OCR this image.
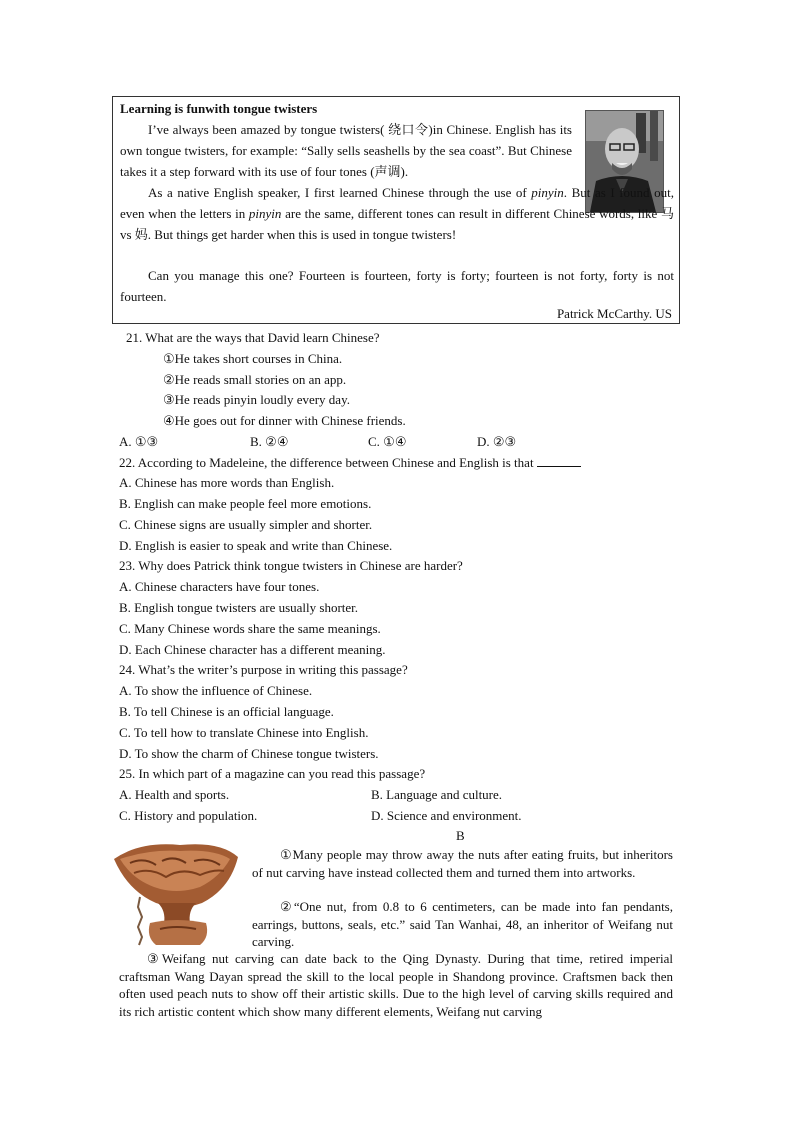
Learning is funwith tongue twisters
I’ve always been amazed by tongue twisters( 绕口令)in Chinese. English has its own tongue twisters, for example: “Sally sells seashells by the sea coast”. But Chinese takes it a step forward with its use of four tones (声调).
As a native English speaker, I first learned Chinese through the use of pinyin. But as I found out, even when the letters in pinyin are the same, different tones can result in different Chinese words, like 马 vs 妈. But things get harder when this is used in tongue twisters!
Can you manage this one? Fourteen is fourteen, forty is forty; fourteen is not forty, forty is not fourteen.
Patrick McCarthy. US
21. What are the ways that David learn Chinese?
①He takes short courses in China.
②He reads small stories on an app.
③He reads pinyin loudly every day.
④He goes out for dinner with Chinese friends.
A. ①③	B. ②④	C. ①④	D. ②③
22. According to Madeleine, the difference between Chinese and English is that
A. Chinese has more words than English.
B. English can make people feel more emotions.
C. Chinese signs are usually simpler and shorter.
D. English is easier to speak and write than Chinese.
23. Why does Patrick think tongue twisters in Chinese are harder?
A. Chinese characters have four tones.
B. English tongue twisters are usually shorter.
C. Many Chinese words share the same meanings.
D. Each Chinese character has a different meaning.
24. What’s the writer’s purpose in writing this passage?
A. To show the influence of Chinese.
B. To tell Chinese is an official language.
C. To tell how to translate Chinese into English.
D. To show the charm of Chinese tongue twisters.
25. In which part of a magazine can you read this passage?
A. Health and sports.	B. Language and culture.
C. History and population.	D. Science and environment.
B
①Many people may throw away the nuts after eating fruits, but inheritors of nut carving have instead collected them and turned them into artworks.
②“One nut, from 0.8 to 6 centimeters, can be made into fan pendants, earrings, buttons, seals, etc.” said Tan Wanhai, 48, an inheritor of Weifang nut carving.
③Weifang nut carving can date back to the Qing Dynasty. During that time, retired imperial craftsman Wang Dayan spread the skill to the local people in Shandong province. Craftsmen back then often used peach nuts to show off their artistic skills. Due to the high level of carving skills required and its rich artistic content which show many different elements, Weifang nut carving
